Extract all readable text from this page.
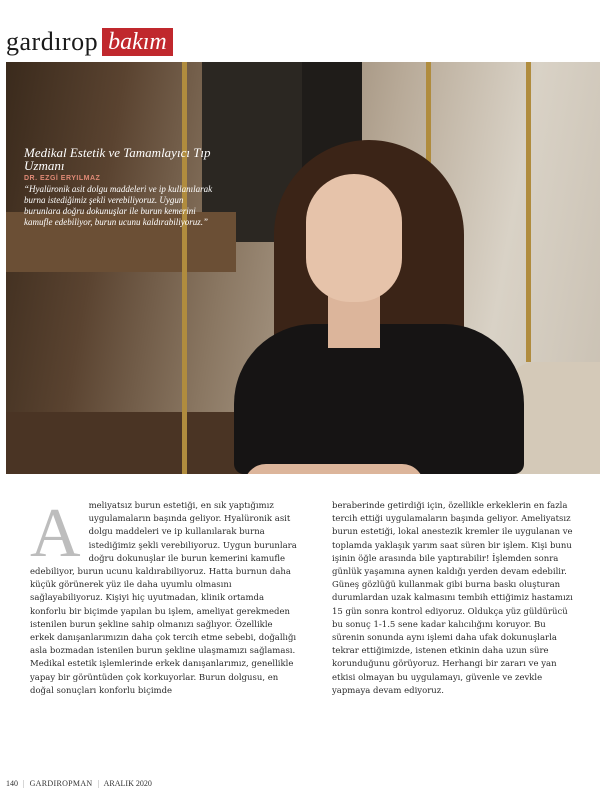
gardırop bakım

Medikal Estetik ve Tamamlayıcı Tıp Uzmanı

DR. EZGİ ERYILMAZ

“Hyalüronik asit dolgu maddeleri ve ip kullanılarak burna istediğimiz şekli verebiliyoruz. Uygun burunlara doğru dokunuşlar ile burun kemerini kamufle edebiliyor, burun ucunu kaldırabiliyoruz.”

A meliyatsız burun estetiği, en sık yaptığımız uygulamaların başında geliyor. Hyalüronik asit dolgu maddeleri ve ip kullanılarak burna istediğimiz şekli verebiliyoruz. Uygun burunlara doğru dokunuşlar ile burun kemerini kamufle edebiliyor, burun ucunu kaldırabiliyoruz. Hatta burnun daha küçük görünerek yüz ile daha uyumlu olmasını sağlayabiliyoruz. Kişiyi hiç uyutmadan, klinik ortamda konforlu bir biçimde yapılan bu işlem, ameliyat gerekmeden istenilen burun şekline sahip olmanızı sağlıyor. Özellikle erkek danışanlarımızın daha çok tercih etme sebebi, doğallığı asla bozmadan istenilen burun şekline ulaşmamızı sağlaması. Medikal estetik işlemlerinde erkek danışanlarımız, genellikle yapay bir görüntüden çok korkuyorlar. Burun dolgusu, en doğal sonuçları konforlu biçimde

beraberinde getirdiği için, özellikle erkeklerin en fazla tercih ettiği uygulamaların başında geliyor. Ameliyatsız burun estetiği, lokal anestezik kremler ile uygulanan ve toplamda yaklaşık yarım saat süren bir işlem. Kişi bunu işinin öğle arasında bile yaptırabilir! İşlemden sonra günlük yaşamına aynen kaldığı yerden devam edebilir. Güneş gözlüğü kullanmak gibi burna baskı oluşturan durumlardan uzak kalmasını tembih ettiğimiz hastamızı 15 gün sonra kontrol ediyoruz. Oldukça yüz güldürücü bu sonuç 1-1.5 sene kadar kalıcılığını koruyor. Bu sürenin sonunda aynı işlemi daha ufak dokunuşlarla tekrar ettiğimizde, istenen etkinin daha uzun süre korunduğunu görüyoruz. Herhangi bir zararı ve yan etkisi olmayan bu uygulamayı, güvenle ve zevkle yapmaya devam ediyoruz.

140 | GARDIROPMAN | ARALIK 2020
